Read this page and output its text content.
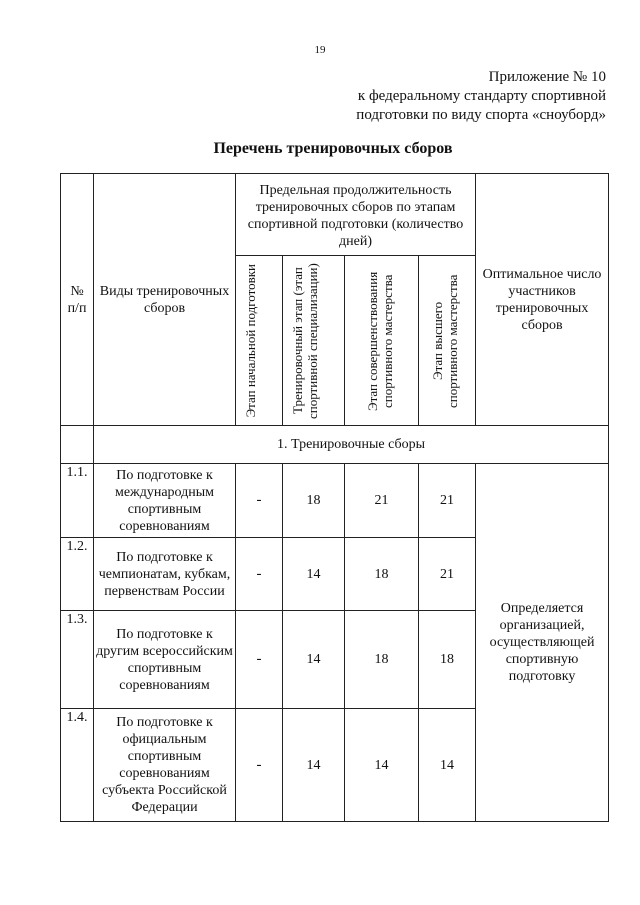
19
Приложение № 10
к федеральному стандарту спортивной
подготовки по виду спорта «сноуборд»
Перечень тренировочных сборов
№ п/п	Виды тренировочных сборов	Предельная продолжительность тренировочных сборов по этапам спортивной подготовки (количество дней)				Оптимальное число участников тренировочных сборов

		Этап начальной подготовки	Тренировочный этап (этап спортивной специализации)	Этап совершенствования спортивного мастерства	Этап высшего спортивного мастерства	

	1. Тренировочные сборы					
1.1.	По подготовке к международным спортивным соревнованиям	-	18	21	21	Определяется организацией, осуществляющей спортивную подготовку
1.2.	По подготовке к чемпионатам, кубкам, первенствам России	-	14	18	21	
1.3.	По подготовке к другим всероссийским спортивным соревнованиям	-	14	18	18	
1.4.	По подготовке к официальным спортивным соревнованиям субъекта Российской Федерации	-	14	14	14	
